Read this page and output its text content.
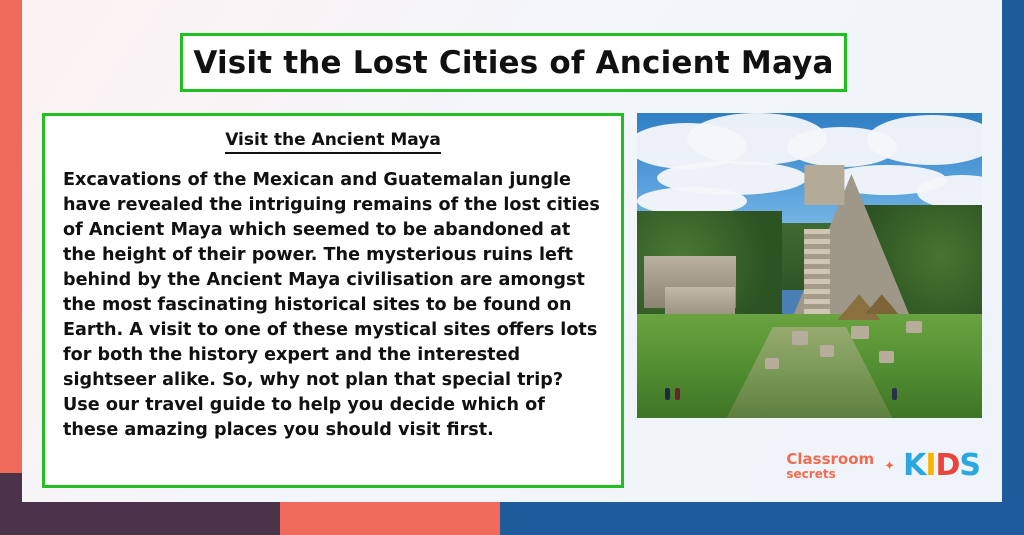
Visit the Lost Cities of Ancient Maya
Visit the Ancient Maya
Excavations of the Mexican and Guatemalan jungle have revealed the intriguing remains of the lost cities of Ancient Maya which seemed to be abandoned at the height of their power. The mysterious ruins left behind by the Ancient Maya civilisation are amongst the most fascinating historical sites to be found on Earth. A visit to one of these mystical sites offers lots for both the history expert and the interested sightseer alike. So, why not plan that special trip? Use our travel guide to help you decide which of these amazing places you should visit first.
Classroom
secrets
✦ KIDS
